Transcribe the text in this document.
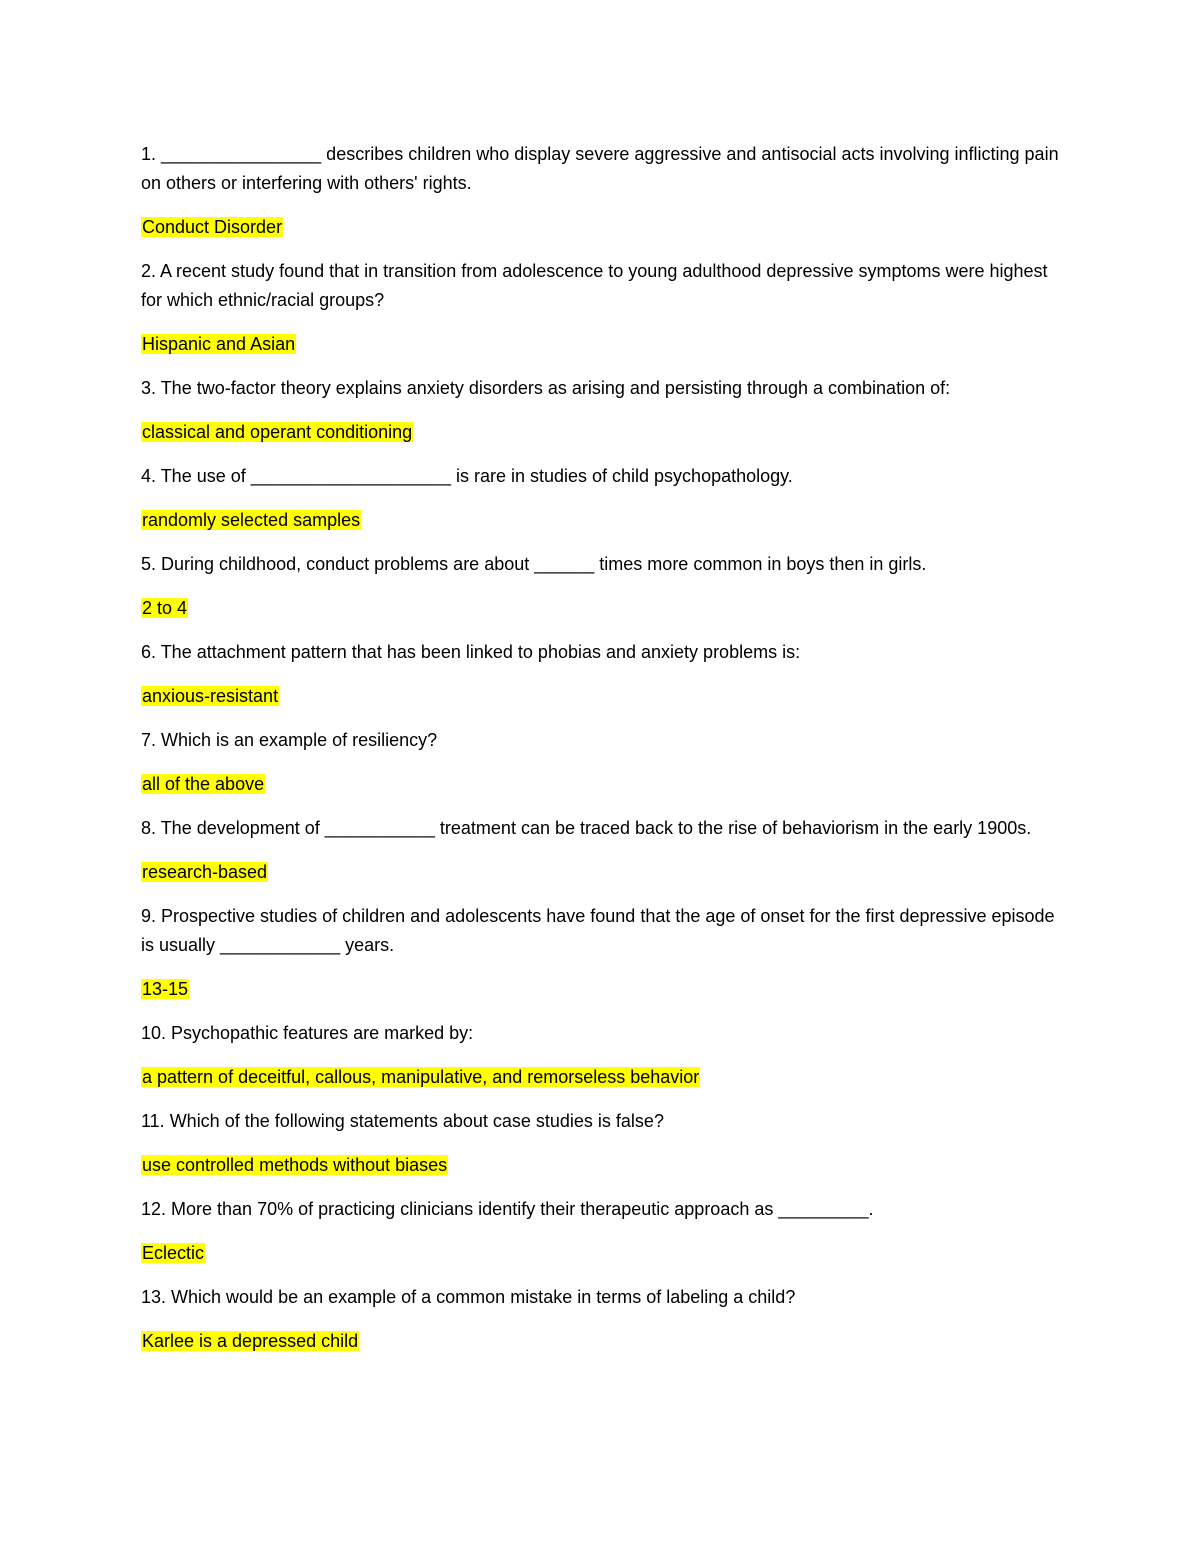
1. ________________ describes children who display severe aggressive and antisocial acts involving inflicting pain on others or interfering with others' rights.

Conduct Disorder

2. A recent study found that in transition from adolescence to young adulthood depressive symptoms were highest for which ethnic/racial groups?

Hispanic and Asian

3. The two-factor theory explains anxiety disorders as arising and persisting through a combination of:

classical and operant conditioning

4. The use of ____________________ is rare in studies of child psychopathology.

randomly selected samples

5. During childhood, conduct problems are about ______ times more common in boys then in girls.

2 to 4

6. The attachment pattern that has been linked to phobias and anxiety problems is:

anxious-resistant

7. Which is an example of resiliency?

all of the above

8. The development of ___________ treatment can be traced back to the rise of behaviorism in the early 1900s.

research-based

9. Prospective studies of children and adolescents have found that the age of onset for the first depressive episode is usually ____________ years.

13-15

10. Psychopathic features are marked by:

a pattern of deceitful, callous, manipulative, and remorseless behavior

11. Which of the following statements about case studies is false?

use controlled methods without biases

12. More than 70% of practicing clinicians identify their therapeutic approach as _________.

Eclectic

13. Which would be an example of a common mistake in terms of labeling a child?

Karlee is a depressed child
